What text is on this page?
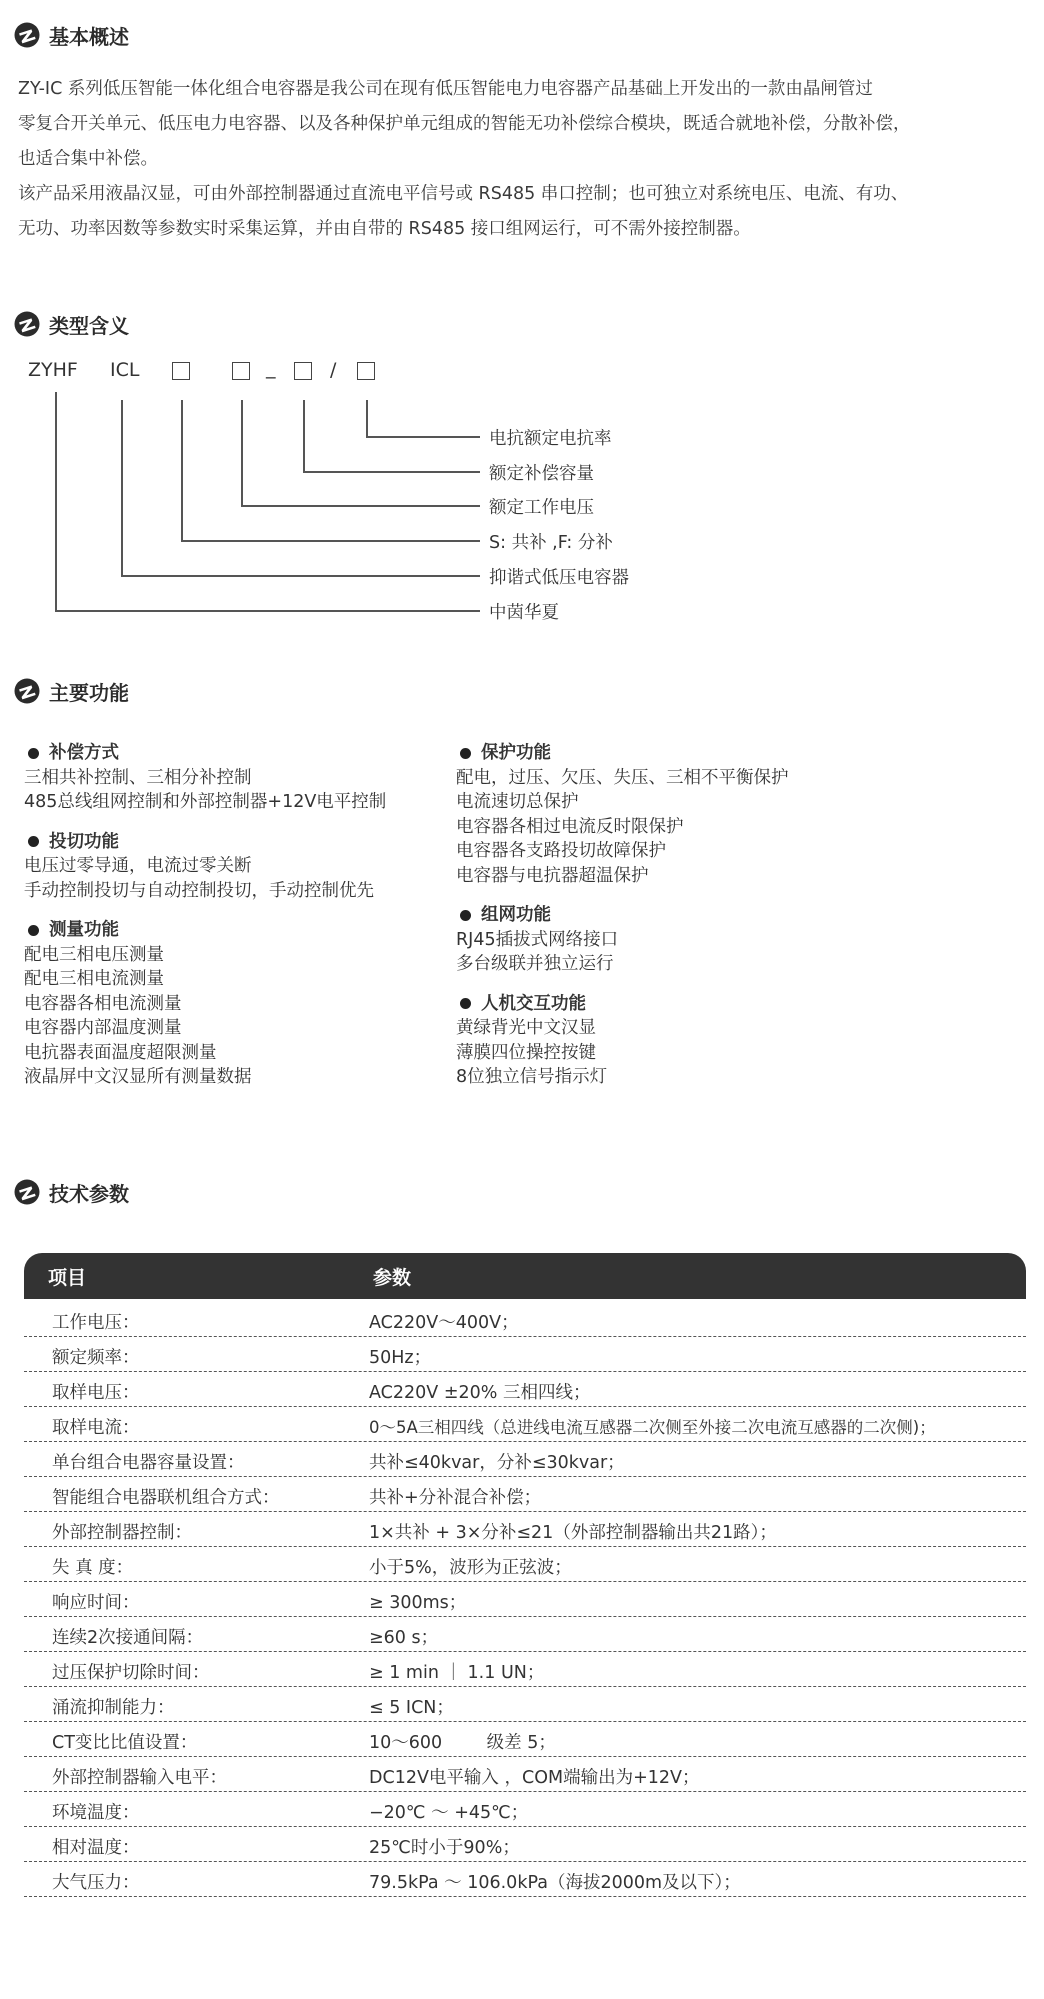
基本概述

ZY-IC 系列低压智能一体化组合电容器是我公司在现有低压智能电力电容器产品基础上开发出的一款由晶闸管过

零复合开关单元、低压电力电容器、以及各种保护单元组成的智能无功补偿综合模块，既适合就地补偿，分散补偿，

也适合集中补偿。

该产品采用液晶汉显，可由外部控制器通过直流电平信号或 RS485 串口控制；也可独立对系统电压、电流、有功、

无功、功率因数等参数实时采集运算，并由自带的 RS485 接口组网运行，可不需外接控制器。

类型含义
ZYHF ICL	_	/
电抗额定电抗率
额定补偿容量
额定工作电压
S: 共补 ,F: 分补
抑谐式低压电容器
中茵华夏
主要功能
补偿方式
三相共补控制、三相分补控制
485总线组网控制和外部控制器+12V电平控制
投切功能
电压过零导通，电流过零关断
手动控制投切与自动控制投切，手动控制优先
测量功能
配电三相电压测量
配电三相电流测量
电容器各相电流测量
电容器内部温度测量
电抗器表面温度超限测量
液晶屏中文汉显所有测量数据
保护功能
配电，过压、欠压、失压、三相不平衡保护
电流速切总保护
电容器各相过电流反时限保护
电容器各支路投切故障保护
电容器与电抗器超温保护
组网功能
RJ45插拔式网络接口
多台级联并独立运行
人机交互功能
黄绿背光中文汉显
薄膜四位操控按键
8位独立信号指示灯
技术参数
项目	参数
工作电压：	AC220V～400V；
额定频率：	50Hz；
取样电压：	AC220V ±20% 三相四线；
取样电流：	0～5A三相四线（总进线电流互感器二次侧至外接二次电流互感器的二次侧)；
单台组合电器容量设置：	共补≤40kvar，分补≤30kvar；
智能组合电器联机组合方式：	共补+分补混合补偿；
外部控制器控制：	1×共补 + 3×分补≤21（外部控制器输出共21路）；
失 真 度：	小于5%，波形为正弦波；
响应时间：	≥ 300ms；
连续2次接通间隔：	≥60 s；
过压保护切除时间：	≥ 1 min ｜ 1.1 UN；
涌流抑制能力：	≤ 5 ICN；
CT变比比值设置：	10～600        级差 5；
外部控制器输入电平：	DC12V电平输入 ，COM端输出为+12V；
环境温度：	−20℃ ～ +45℃；
相对温度：	25℃时小于90%；
大气压力：	79.5kPa ～ 106.0kPa（海拔2000m及以下）；
